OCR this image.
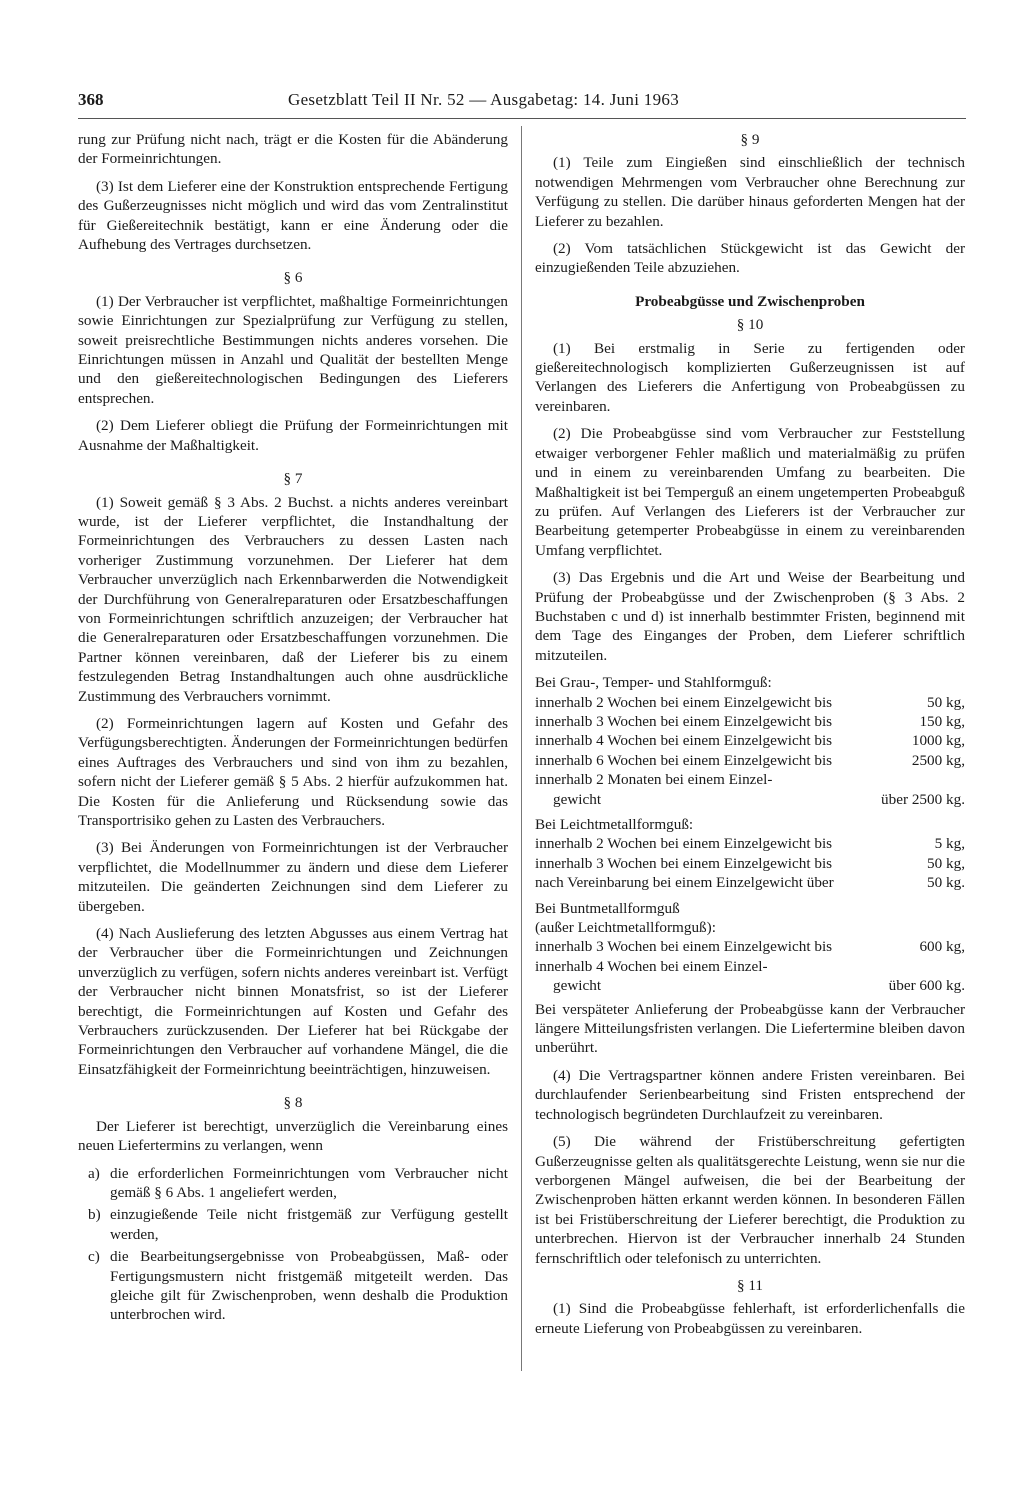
368	Gesetzblatt Teil II Nr. 52 — Ausgabetag: 14. Juni 1963

rung zur Prüfung nicht nach, trägt er die Kosten für die Abänderung der Formeinrichtungen.

(3) Ist dem Lieferer eine der Konstruktion entsprechende Fertigung des Gußerzeugnisses nicht möglich und wird das vom Zentralinstitut für Gießereitechnik bestätigt, kann er eine Änderung oder die Aufhebung des Vertrages durchsetzen.

§ 6

(1) Der Verbraucher ist verpflichtet, maßhaltige Formeinrichtungen sowie Einrichtungen zur Spezialprüfung zur Verfügung zu stellen, soweit preisrechtliche Bestimmungen nichts anderes vorsehen. Die Einrichtungen müssen in Anzahl und Qualität der bestellten Menge und den gießereitechnologischen Bedingungen des Lieferers entsprechen.

(2) Dem Lieferer obliegt die Prüfung der Formeinrichtungen mit Ausnahme der Maßhaltigkeit.

§ 7

(1) Soweit gemäß § 3 Abs. 2 Buchst. a nichts anderes vereinbart wurde, ist der Lieferer verpflichtet, die Instandhaltung der Formeinrichtungen des Verbrauchers zu dessen Lasten nach vorheriger Zustimmung vorzunehmen. Der Lieferer hat dem Verbraucher unverzüglich nach Erkennbarwerden die Notwendigkeit der Durchführung von Generalreparaturen oder Ersatzbeschaffungen von Formeinrichtungen schriftlich anzuzeigen; der Verbraucher hat die Generalreparaturen oder Ersatzbeschaffungen vorzunehmen. Die Partner können vereinbaren, daß der Lieferer bis zu einem festzulegenden Betrag Instandhaltungen auch ohne ausdrückliche Zustimmung des Verbrauchers vornimmt.

(2) Formeinrichtungen lagern auf Kosten und Gefahr des Verfügungsberechtigten. Änderungen der Formeinrichtungen bedürfen eines Auftrages des Verbrauchers und sind von ihm zu bezahlen, sofern nicht der Lieferer gemäß § 5 Abs. 2 hierfür aufzukommen hat. Die Kosten für die Anlieferung und Rücksendung sowie das Transportrisiko gehen zu Lasten des Verbrauchers.

(3) Bei Änderungen von Formeinrichtungen ist der Verbraucher verpflichtet, die Modellnummer zu ändern und diese dem Lieferer mitzuteilen. Die geänderten Zeichnungen sind dem Lieferer zu übergeben.

(4) Nach Auslieferung des letzten Abgusses aus einem Vertrag hat der Verbraucher über die Formeinrichtungen und Zeichnungen unverzüglich zu verfügen, sofern nichts anderes vereinbart ist. Verfügt der Verbraucher nicht binnen Monatsfrist, so ist der Lieferer berechtigt, die Formeinrichtungen auf Kosten und Gefahr des Verbrauchers zurückzusenden. Der Lieferer hat bei Rückgabe der Formeinrichtungen den Verbraucher auf vorhandene Mängel, die die Einsatzfähigkeit der Formeinrichtung beeinträchtigen, hinzuweisen.

§ 8

Der Lieferer ist berechtigt, unverzüglich die Vereinbarung eines neuen Liefertermins zu verlangen, wenn

a) die erforderlichen Formeinrichtungen vom Verbraucher nicht gemäß § 6 Abs. 1 angeliefert werden,
b) einzugießende Teile nicht fristgemäß zur Verfügung gestellt werden,
c) die Bearbeitungsergebnisse von Probeabgüssen, Maß- oder Fertigungsmustern nicht fristgemäß mitgeteilt werden. Das gleiche gilt für Zwischenproben, wenn deshalb die Produktion unterbrochen wird.
§ 9

(1) Teile zum Eingießen sind einschließlich der technisch notwendigen Mehrmengen vom Verbraucher ohne Berechnung zur Verfügung zu stellen. Die darüber hinaus geforderten Mengen hat der Lieferer zu bezahlen.

(2) Vom tatsächlichen Stückgewicht ist das Gewicht der einzugießenden Teile abzuziehen.

Probeabgüsse und Zwischenproben
§ 10

(1) Bei erstmalig in Serie zu fertigenden oder gießereitechnologisch komplizierten Gußerzeugnissen ist auf Verlangen des Lieferers die Anfertigung von Probeabgüssen zu vereinbaren.

(2) Die Probeabgüsse sind vom Verbraucher zur Feststellung etwaiger verborgener Fehler maßlich und materialmäßig zu prüfen und in einem zu vereinbarenden Umfang zu bearbeiten. Die Maßhaltigkeit ist bei Temperguß an einem ungetemperten Probeabguß zu prüfen. Auf Verlangen des Lieferers ist der Verbraucher zur Bearbeitung getemperter Probeabgüsse in einem zu vereinbarenden Umfang verpflichtet.

(3) Das Ergebnis und die Art und Weise der Bearbeitung und Prüfung der Probeabgüsse und der Zwischenproben (§ 3 Abs. 2 Buchstaben c und d) ist innerhalb bestimmter Fristen, beginnend mit dem Tage des Einganges der Proben, dem Lieferer schriftlich mitzuteilen.

Bei Grau-, Temper- und Stahlformguß:
innerhalb 2 Wochen bei einem Einzelgewicht bis	50 kg,
innerhalb 3 Wochen bei einem Einzelgewicht bis	150 kg,
innerhalb 4 Wochen bei einem Einzelgewicht bis	1000 kg,
innerhalb 6 Wochen bei einem Einzelgewicht bis	2500 kg,
innerhalb 2 Monaten bei einem Einzel-
gewicht	über 2500 kg.
Bei Leichtmetallformguß:
innerhalb 2 Wochen bei einem Einzelgewicht bis	5 kg,
innerhalb 3 Wochen bei einem Einzelgewicht bis	50 kg,
nach Vereinbarung bei einem Einzelgewicht über	50 kg.
Bei Buntmetallformguß
(außer Leichtmetallformguß):
innerhalb 3 Wochen bei einem Einzelgewicht bis	600 kg,
innerhalb 4 Wochen bei einem Einzel-
gewicht	über 600 kg.

Bei verspäteter Anlieferung der Probeabgüsse kann der Verbraucher längere Mitteilungsfristen verlangen. Die Liefertermine bleiben davon unberührt.

(4) Die Vertragspartner können andere Fristen vereinbaren. Bei durchlaufender Serienbearbeitung sind Fristen entsprechend der technologisch begründeten Durchlaufzeit zu vereinbaren.

(5) Die während der Fristüberschreitung gefertigten Gußerzeugnisse gelten als qualitätsgerechte Leistung, wenn sie nur die verborgenen Mängel aufweisen, die bei der Bearbeitung der Zwischenproben hätten erkannt werden können. In besonderen Fällen ist bei Fristüberschreitung der Lieferer berechtigt, die Produktion zu unterbrechen. Hiervon ist der Verbraucher innerhalb 24 Stunden fernschriftlich oder telefonisch zu unterrichten.

§ 11

(1) Sind die Probeabgüsse fehlerhaft, ist erforderlichenfalls die erneute Lieferung von Probeabgüssen zu vereinbaren.
